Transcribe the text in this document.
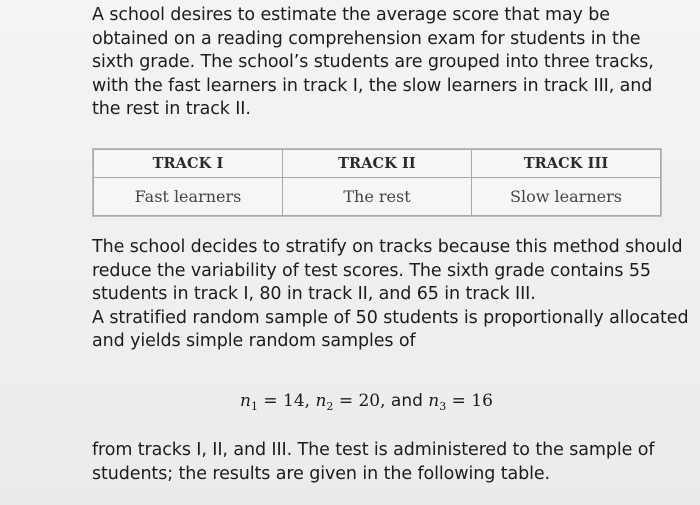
A school desires to estimate the average score that may be obtained on a reading comprehension exam for students in the sixth grade. The school’s students are grouped into three tracks, with the fast learners in track I, the slow learners in track III, and the rest in track II.

TRACK I	TRACK II	TRACK III
Fast learners	The rest	Slow learners
The school decides to stratify on tracks because this method should reduce the variability of test scores. The sixth grade contains 55 students in track I, 80 in track II, and 65 in track III.
A stratified random sample of 50 students is proportionally allocated and yields simple random samples of
$n_1 = 14$, $n_2 = 20$, and $n_3 = 16$

from tracks I, II, and III. The test is administered to the sample of students; the results are given in the following table.
